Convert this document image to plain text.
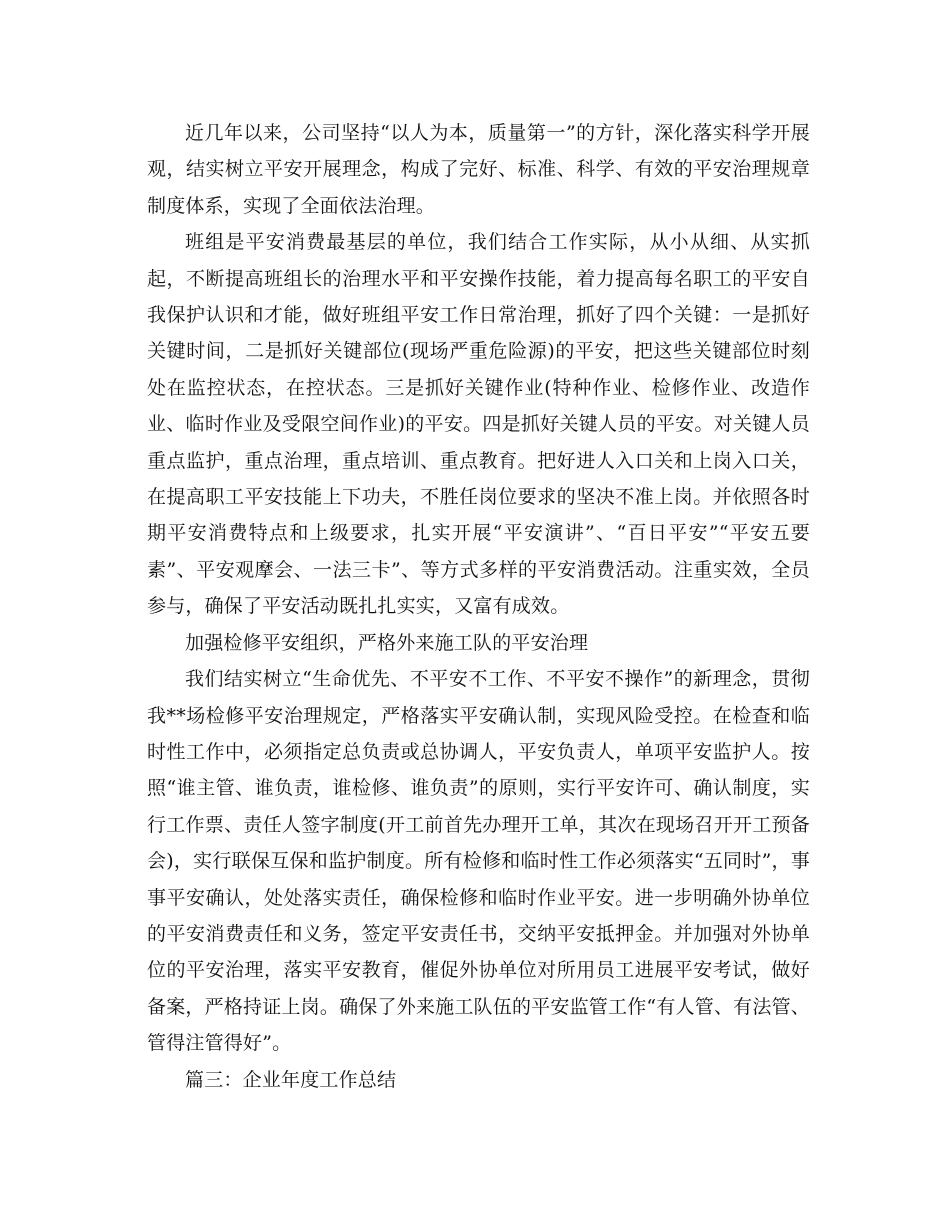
近几年以来，公司坚持“以人为本，质量第一”的方针，深化落实科学开展观，结实树立平安开展理念，构成了完好、标准、科学、有效的平安治理规章制度体系，实现了全面依法治理。

班组是平安消费最基层的单位，我们结合工作实际，从小从细、从实抓起，不断提高班组长的治理水平和平安操作技能，着力提高每名职工的平安自我保护认识和才能，做好班组平安工作日常治理，抓好了四个关键：一是抓好关键时间，二是抓好关键部位(现场严重危险源)的平安，把这些关键部位时刻处在监控状态，在控状态。三是抓好关键作业(特种作业、检修作业、改造作业、临时作业及受限空间作业)的平安。四是抓好关键人员的平安。对关键人员重点监护，重点治理，重点培训、重点教育。把好进人入口关和上岗入口关，在提高职工平安技能上下功夫，不胜任岗位要求的坚决不准上岗。并依照各时期平安消费特点和上级要求，扎实开展“平安演讲”、“百日平安”“平安五要素”、平安观摩会、一法三卡”、等方式多样的平安消费活动。注重实效，全员参与，确保了平安活动既扎扎实实，又富有成效。

加强检修平安组织，严格外来施工队的平安治理

我们结实树立“生命优先、不平安不工作、不平安不操作”的新理念，贯彻我**场检修平安治理规定，严格落实平安确认制，实现风险受控。在检查和临时性工作中，必须指定总负责或总协调人，平安负责人，单项平安监护人。按照“谁主管、谁负责，谁检修、谁负责”的原则，实行平安许可、确认制度，实行工作票、责任人签字制度(开工前首先办理开工单，其次在现场召开开工预备会)，实行联保互保和监护制度。所有检修和临时性工作必须落实“五同时”，事事平安确认，处处落实责任，确保检修和临时作业平安。进一步明确外协单位的平安消费责任和义务，签定平安责任书，交纳平安抵押金。并加强对外协单位的平安治理，落实平安教育，催促外协单位对所用员工进展平安考试，做好备案，严格持证上岗。确保了外来施工队伍的平安监管工作“有人管、有法管、管得注管得好”。

篇三：企业年度工作总结
